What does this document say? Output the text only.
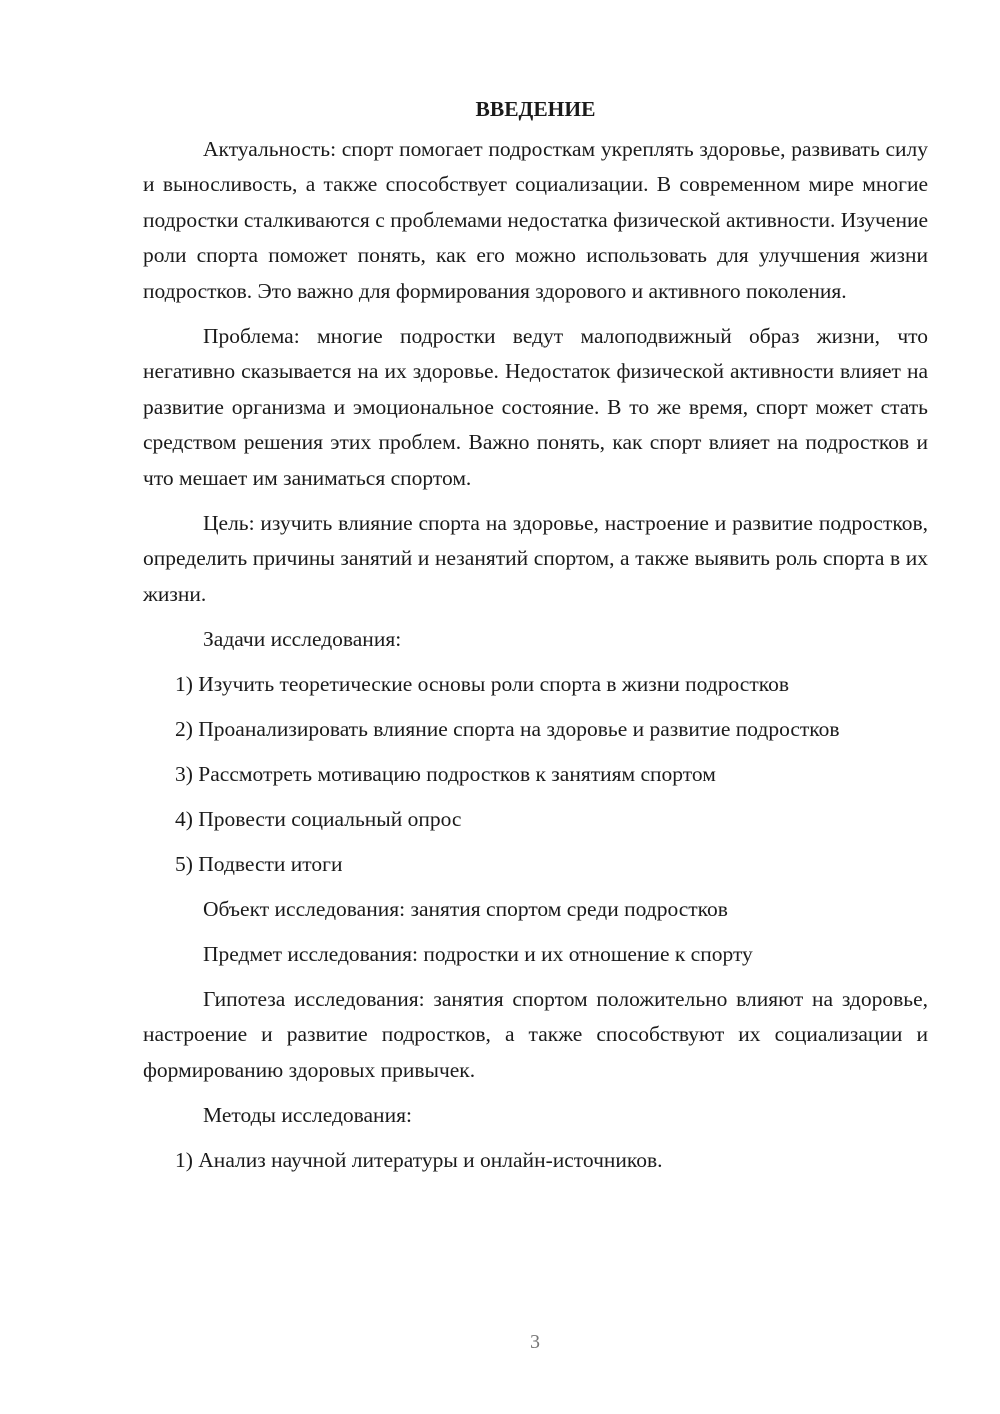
ВВЕДЕНИЕ

Актуальность: спорт помогает подросткам укреплять здоровье, развивать силу и выносливость, а также способствует социализации. В современном мире многие подростки сталкиваются с проблемами недостатка физической активности. Изучение роли спорта поможет понять, как его можно использовать для улучшения жизни подростков. Это важно для формирования здорового и активного поколения.

Проблема: многие подростки ведут малоподвижный образ жизни, что негативно сказывается на их здоровье. Недостаток физической активности влияет на развитие организма и эмоциональное состояние. В то же время, спорт может стать средством решения этих проблем. Важно понять, как спорт влияет на подростков и что мешает им заниматься спортом.

Цель: изучить влияние спорта на здоровье, настроение и развитие подростков, определить причины занятий и незанятий спортом, а также выявить роль спорта в их жизни.

Задачи исследования:

1) Изучить теоретические основы роли спорта в жизни подростков

2) Проанализировать влияние спорта на здоровье и развитие подростков

3) Рассмотреть мотивацию подростков к занятиям спортом

4) Провести социальный опрос

5) Подвести итоги

Объект исследования: занятия спортом среди подростков

Предмет исследования: подростки и их отношение к спорту

Гипотеза исследования: занятия спортом положительно влияют на здоровье, настроение и развитие подростков, а также способствуют их социализации и формированию здоровых привычек.

Методы исследования:

1) Анализ научной литературы и онлайн-источников.

3
